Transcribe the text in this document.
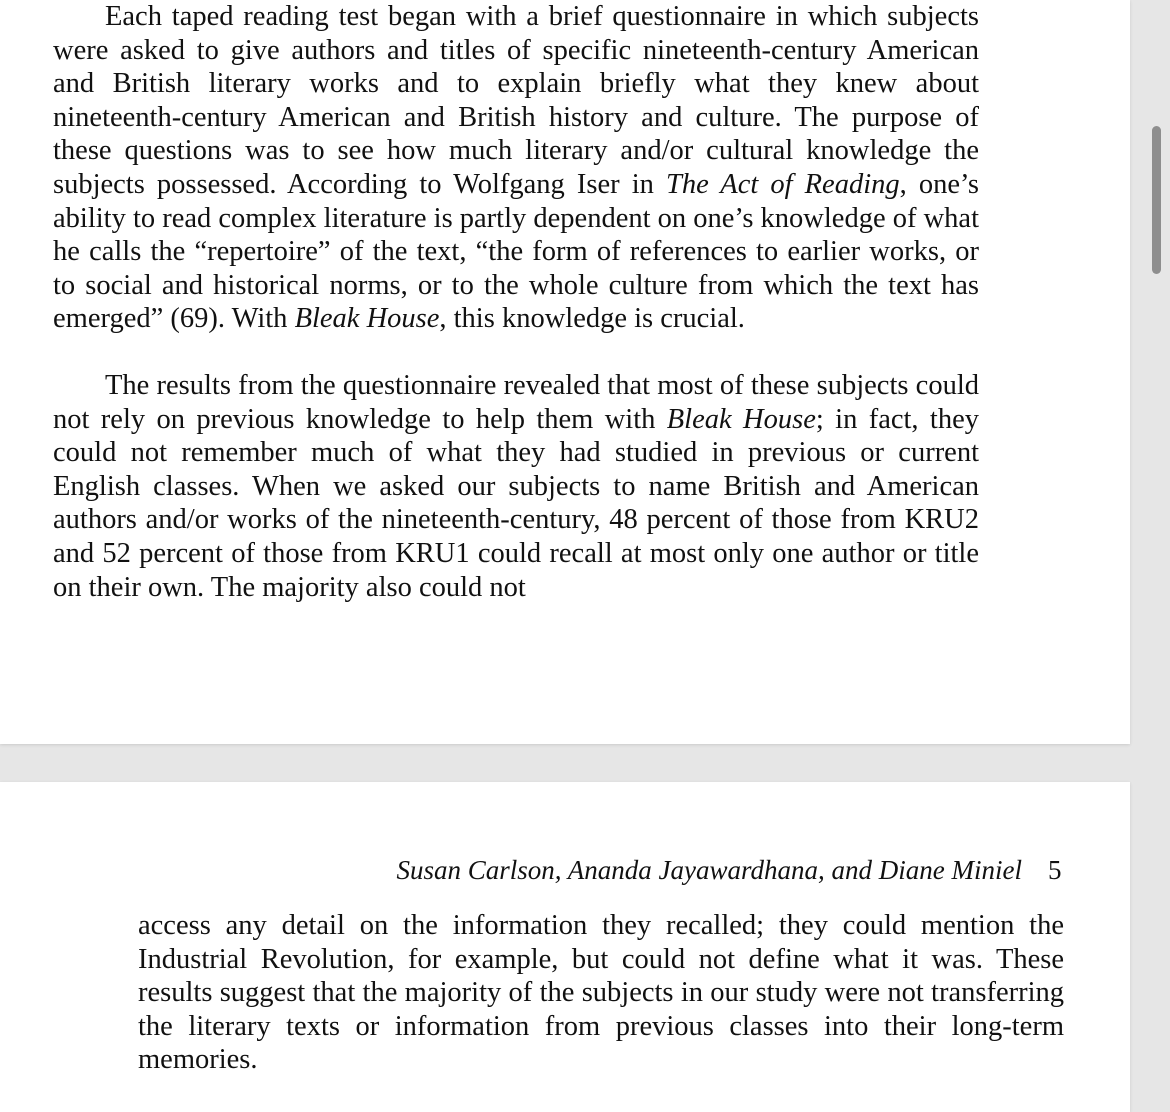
Each taped reading test began with a brief questionnaire in which subjects were asked to give authors and titles of specific nineteenth-century American and British literary works and to explain briefly what they knew about nineteenth-century American and British history and culture. The purpose of these questions was to see how much literary and/or cultural knowledge the subjects possessed. According to Wolfgang Iser in The Act of Reading, one’s ability to read complex literature is partly dependent on one’s knowledge of what he calls the “repertoire” of the text, “the form of references to earlier works, or to social and historical norms, or to the whole culture from which the text has emerged” (69). With Bleak House, this knowledge is crucial.

The results from the questionnaire revealed that most of these subjects could not rely on previous knowledge to help them with Bleak House; in fact, they could not remember much of what they had studied in previous or current English classes. When we asked our subjects to name British and American authors and/or works of the nineteenth-century, 48 percent of those from KRU2 and 52 percent of those from KRU1 could recall at most only one author or title on their own. The majority also could not

Susan Carlson, Ananda Jayawardhana, and Diane Miniel 5

access any detail on the information they recalled; they could mention the Industrial Revolution, for example, but could not define what it was. These results suggest that the majority of the subjects in our study were not transferring the literary texts or information from previous classes into their long-term memories.
